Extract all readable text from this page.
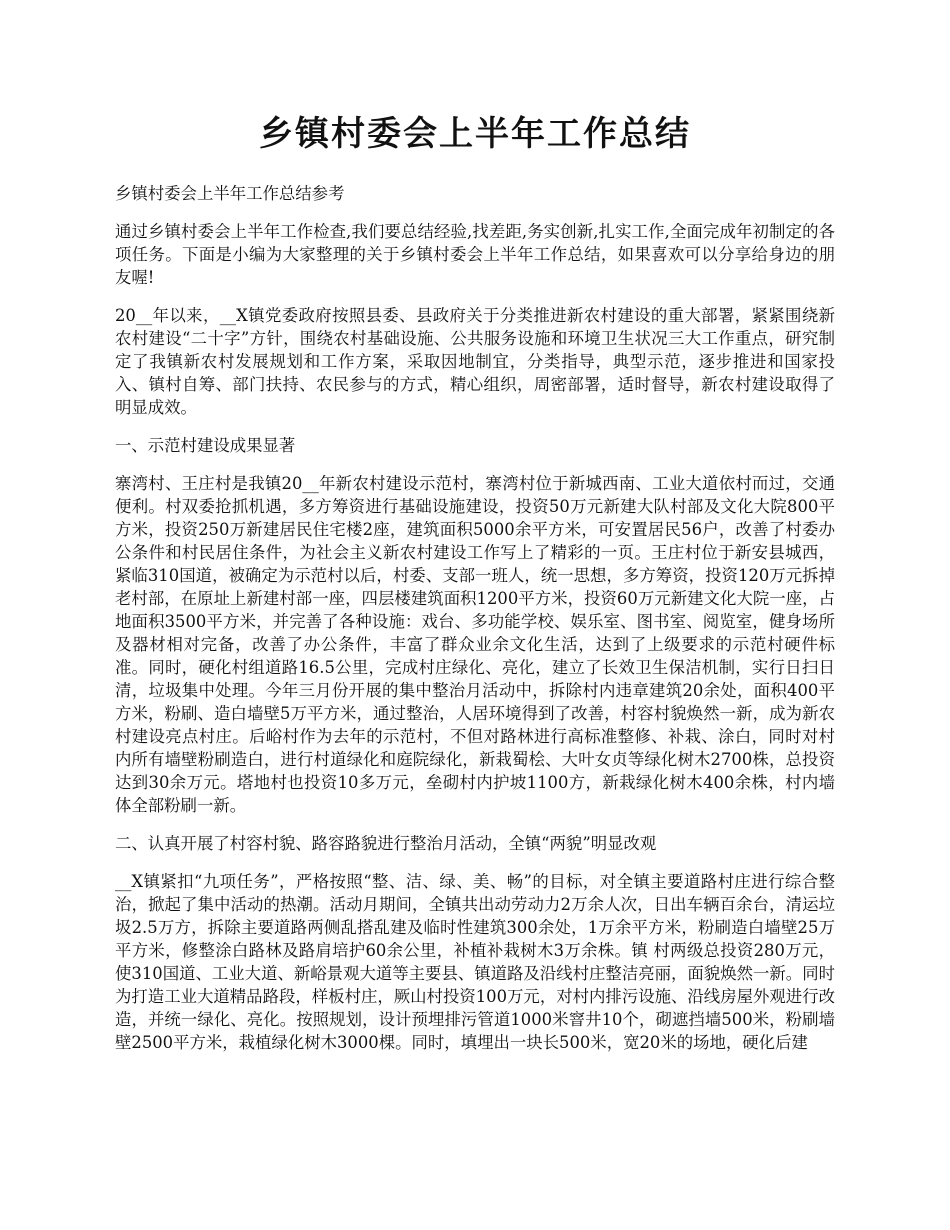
乡镇村委会上半年工作总结

乡镇村委会上半年工作总结参考

通过乡镇村委会上半年工作检查,我们要总结经验,找差距,务实创新,扎实工作,全面完成年初制定的各项任务。下面是小编为大家整理的关于乡镇村委会上半年工作总结，如果喜欢可以分享给身边的朋友喔!

20__年以来，__X镇党委政府按照县委、县政府关于分类推进新农村建设的重大部署，紧紧围绕新农村建设“二十字”方针，围绕农村基础设施、公共服务设施和环境卫生状况三大工作重点，研究制定了我镇新农村发展规划和工作方案，采取因地制宜，分类指导，典型示范，逐步推进和国家投入、镇村自筹、部门扶持、农民参与的方式，精心组织，周密部署，适时督导，新农村建设取得了明显成效。

一、示范村建设成果显著

寨湾村、王庄村是我镇20__年新农村建设示范村，寨湾村位于新城西南、工业大道依村而过，交通便利。村双委抢抓机遇，多方筹资进行基础设施建设，投资50万元新建大队村部及文化大院800平方米，投资250万新建居民住宅楼2座，建筑面积5000余平方米，可安置居民56户，改善了村委办公条件和村民居住条件，为社会主义新农村建设工作写上了精彩的一页。王庄村位于新安县城西，紧临310国道，被确定为示范村以后，村委、支部一班人，统一思想，多方筹资，投资120万元拆掉老村部，在原址上新建村部一座，四层楼建筑面积1200平方米，投资60万元新建文化大院一座，占地面积3500平方米，并完善了各种设施：戏台、多功能学校、娱乐室、图书室、阅览室，健身场所及器材相对完备，改善了办公条件，丰富了群众业余文化生活，达到了上级要求的示范村硬件标准。同时，硬化村组道路16.5公里，完成村庄绿化、亮化，建立了长效卫生保洁机制，实行日扫日清，垃圾集中处理。今年三月份开展的集中整治月活动中，拆除村内违章建筑20余处，面积400平方米，粉刷、造白墙壁5万平方米，通过整治，人居环境得到了改善，村容村貌焕然一新，成为新农村建设亮点村庄。后峪村作为去年的示范村，不但对路林进行高标准整修、补栽、涂白，同时对村内所有墙壁粉刷造白，进行村道绿化和庭院绿化，新栽蜀桧、大叶女贞等绿化树木2700株，总投资达到30余万元。塔地村也投资10多万元，垒砌村内护坡1100方，新栽绿化树木400余株，村内墙体全部粉刷一新。

二、认真开展了村容村貌、路容路貌进行整治月活动，全镇“两貌”明显改观

__X镇紧扣“九项任务”，严格按照“整、洁、绿、美、畅”的目标，对全镇主要道路村庄进行综合整治，掀起了集中活动的热潮。活动月期间，全镇共出动劳动力2万余人次，日出车辆百余台，清运垃圾2.5万方，拆除主要道路两侧乱搭乱建及临时性建筑300余处，1万余平方米，粉刷造白墙壁25万平方米，修整涂白路林及路肩培护60余公里，补植补栽树木3万余株。镇 村两级总投资280万元，使310国道、工业大道、新峪景观大道等主要县、镇道路及沿线村庄整洁亮丽，面貌焕然一新。同时为打造工业大道精品路段，样板村庄，厥山村投资100万元，对村内排污设施、沿线房屋外观进行改造，并统一绿化、亮化。按照规划，设计预埋排污管道1000米窨井10个，砌遮挡墙500米，粉刷墙壁2500平方米，栽植绿化树木3000棵。同时，填埋出一块长500米，宽20米的场地，硬化后建
